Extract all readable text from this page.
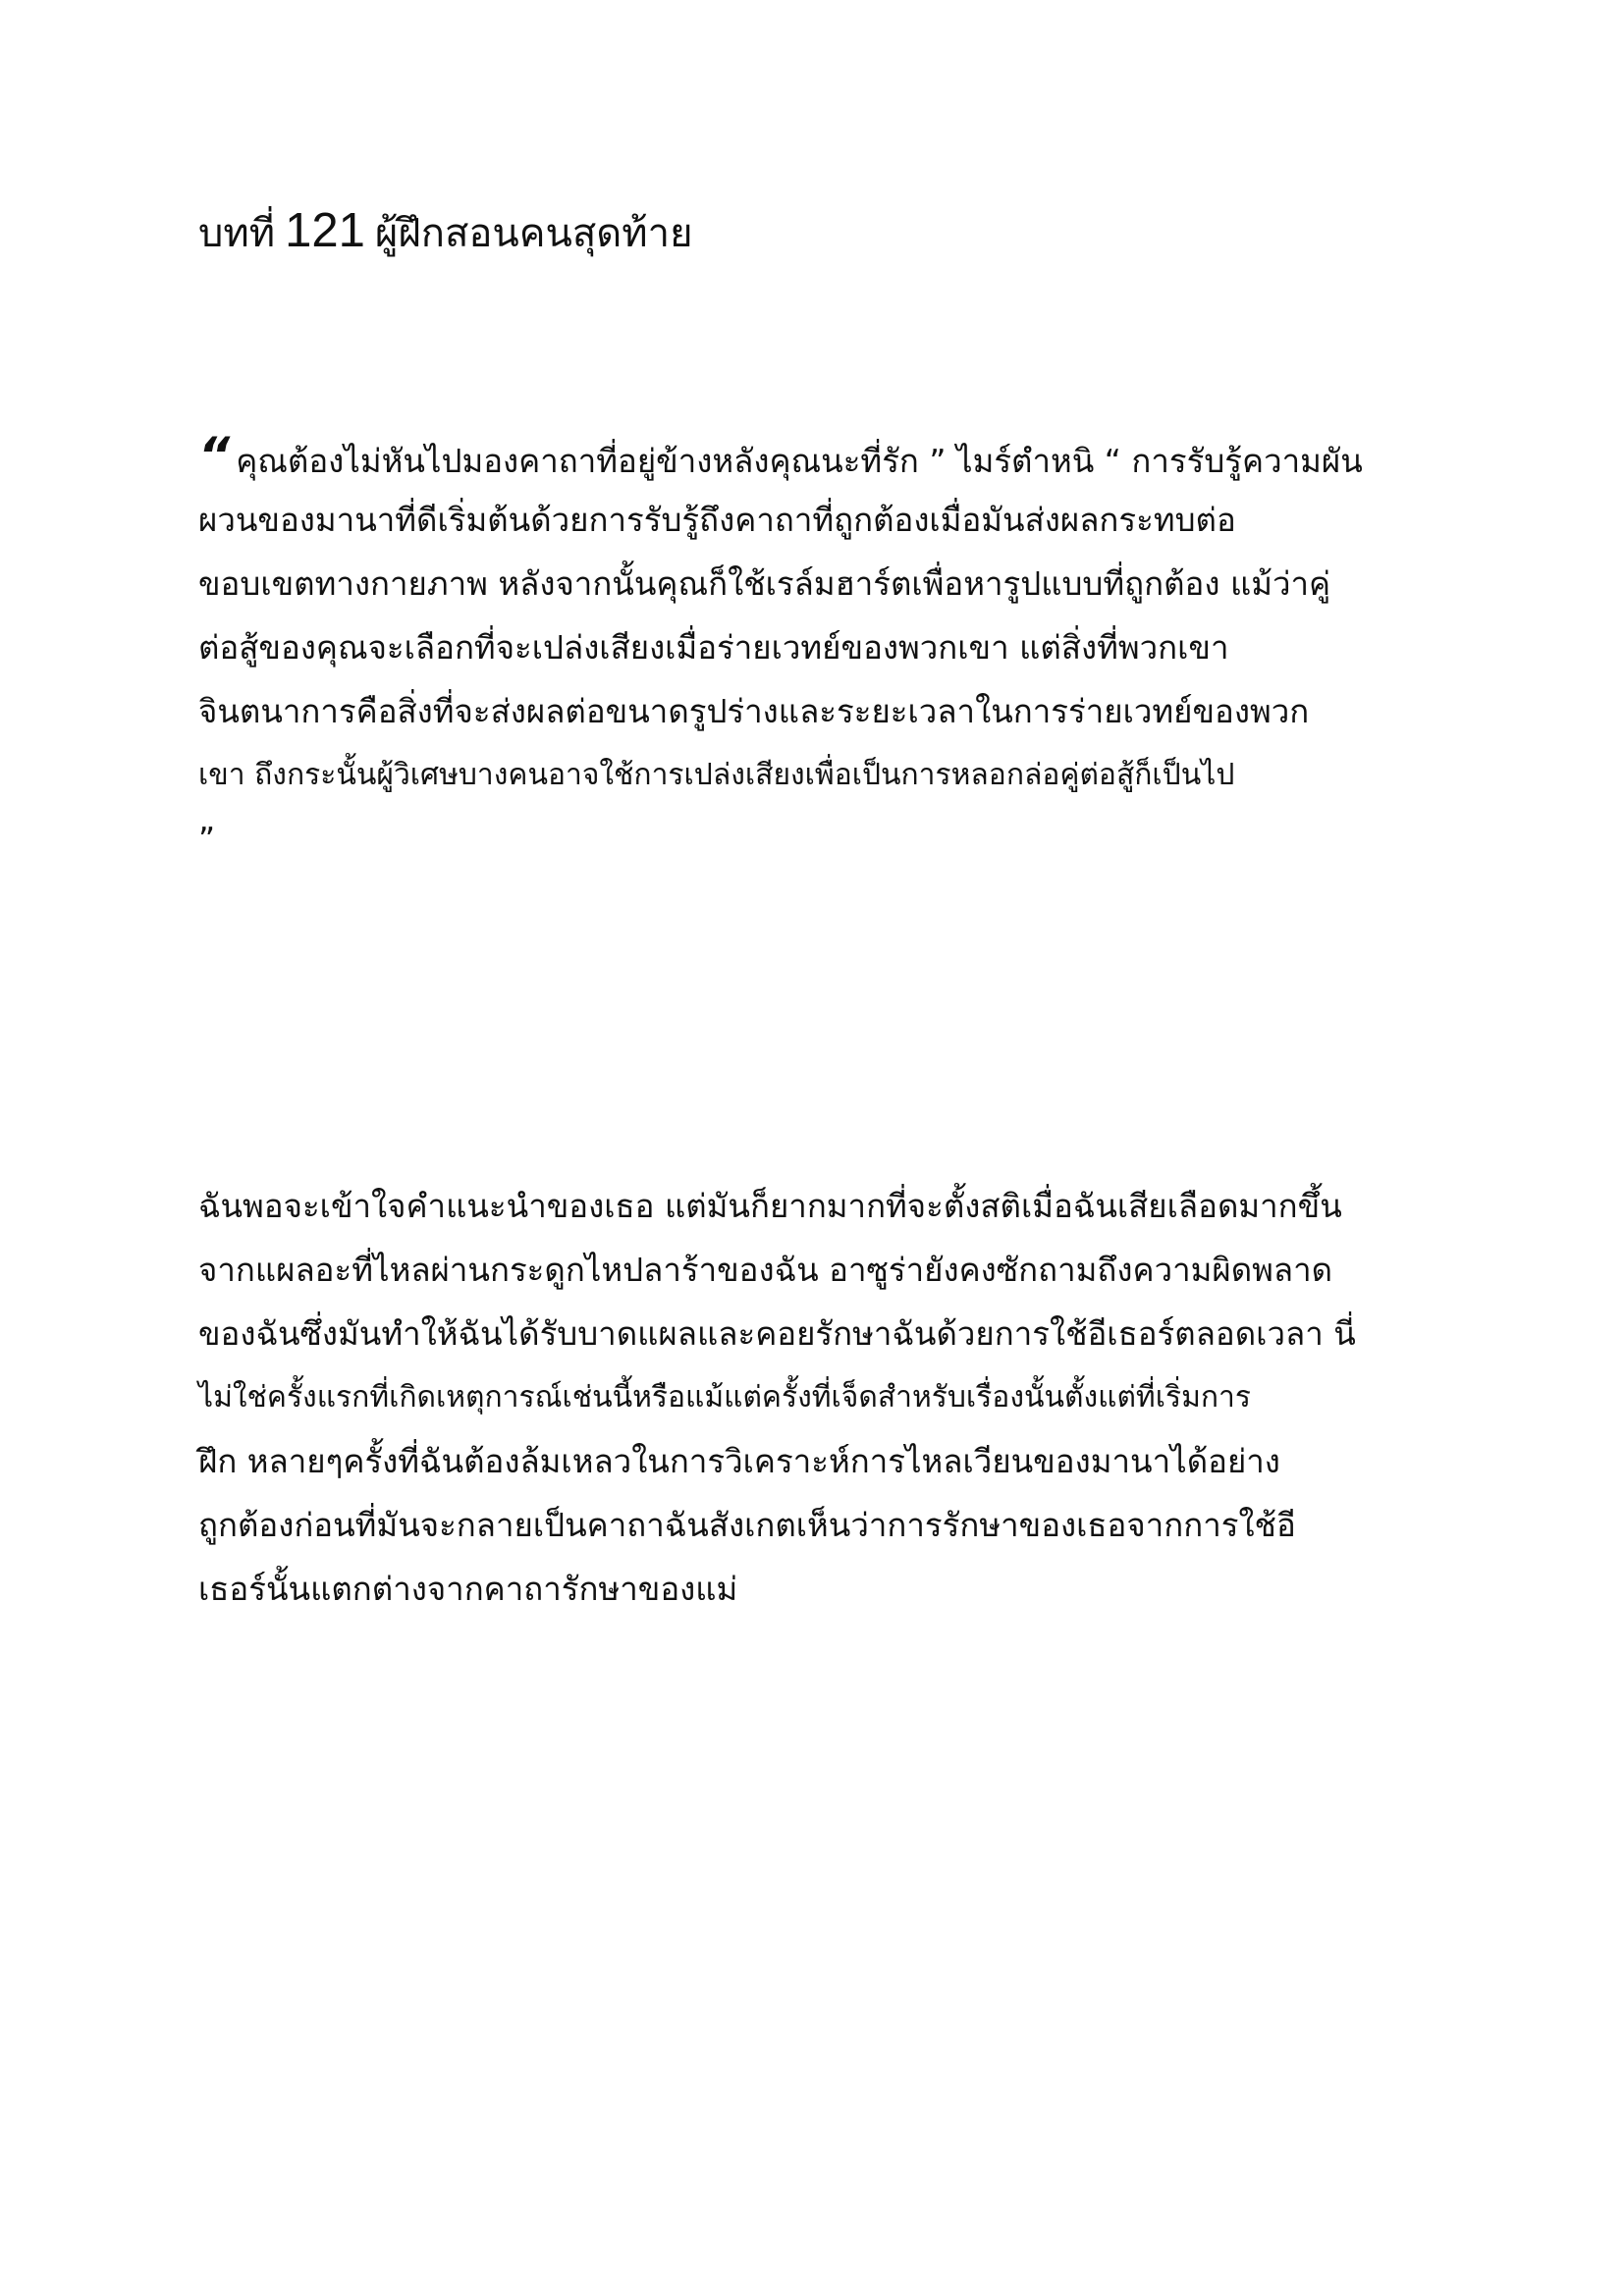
บทที่ 121 ผู้ฝึกสอนคนสุดท้าย
“ คุณต้องไม่หันไปมองคาถาที่อยู่ข้างหลังคุณนะที่รัก ” ไมร์ตำหนิ “ การรับรู้ความผัน
ผวนของมานาที่ดีเริ่มต้นด้วยการรับรู้ถึงคาถาที่ถูกต้องเมื่อมันส่งผลกระทบต่อ
ขอบเขตทางกายภาพ หลังจากนั้นคุณก็ใช้เรล์มฮาร์ตเพื่อหารูปแบบที่ถูกต้อง แม้ว่าคู่
ต่อสู้ของคุณจะเลือกที่จะเปล่งเสียงเมื่อร่ายเวทย์ของพวกเขา แต่สิ่งที่พวกเขา
จินตนาการคือสิ่งที่จะส่งผลต่อขนาดรูปร่างและระยะเวลาในการร่ายเวทย์ของพวก
เขา ถึงกระนั้นผู้วิเศษบางคนอาจใช้การเปล่งเสียงเพื่อเป็นการหลอกล่อคู่ต่อสู้ก็เป็นไป
”
ฉันพอจะเข้าใจคำแนะนำของเธอ แต่มันก็ยากมากที่จะตั้งสติเมื่อฉันเสียเลือดมากขึ้น
จากแผลอะที่ไหลผ่านกระดูกไหปลาร้าของฉัน อาซูร่ายังคงซักถามถึงความผิดพลาด
ของฉันซึ่งมันทำให้ฉันได้รับบาดแผลและคอยรักษาฉันด้วยการใช้อีเธอร์ตลอดเวลา นี่
ไม่ใช่ครั้งแรกที่เกิดเหตุการณ์เช่นนี้หรือแม้แต่ครั้งที่เจ็ดสำหรับเรื่องนั้นตั้งแต่ที่เริ่มการ
ฝึก หลายๆครั้งที่ฉันต้องล้มเหลวในการวิเคราะห์การไหลเวียนของมานาได้อย่าง
ถูกต้องก่อนที่มันจะกลายเป็นคาถาฉันสังเกตเห็นว่าการรักษาของเธอจากการใช้อี
เธอร์นั้นแตกต่างจากคาถารักษาของแม่
